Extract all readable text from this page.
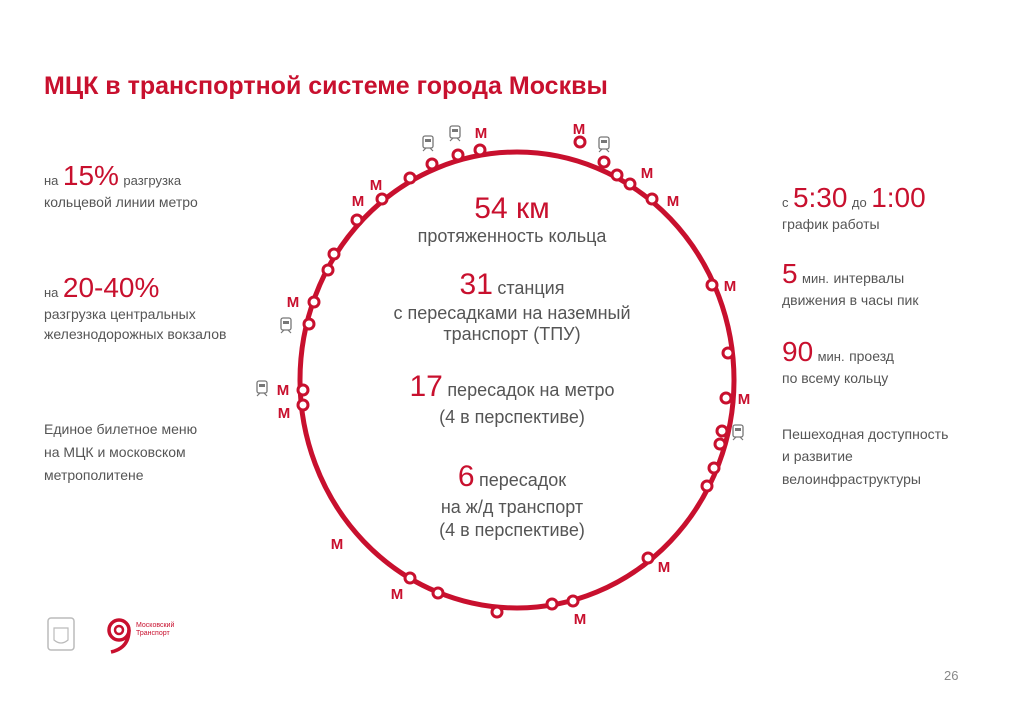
МЦК в транспортной системе города Москвы
на 15% разгрузка
кольцевой линии метро
на 20-40%
разгрузка центральных
железнодорожных вокзалов
Единое билетное меню
на МЦК и московском
метрополитене
М	М
М
М
М
М
М
М
М
М
М
М
М
М
М
54 км
протяженность кольца
31 станция
с пересадками на наземный
транспорт (ТПУ)
17 пересадок на метро
(4 в перспективе)
6 пересадок
на ж/д транспорт
(4 в перспективе)
с 5:30 до 1:00
график работы
5 мин. интервалы
движения в часы пик
90 мин. проезд
по всему кольцу
Пешеходная доступность
и развитие
велоинфраструктуры
Московский
Транспорт
26
